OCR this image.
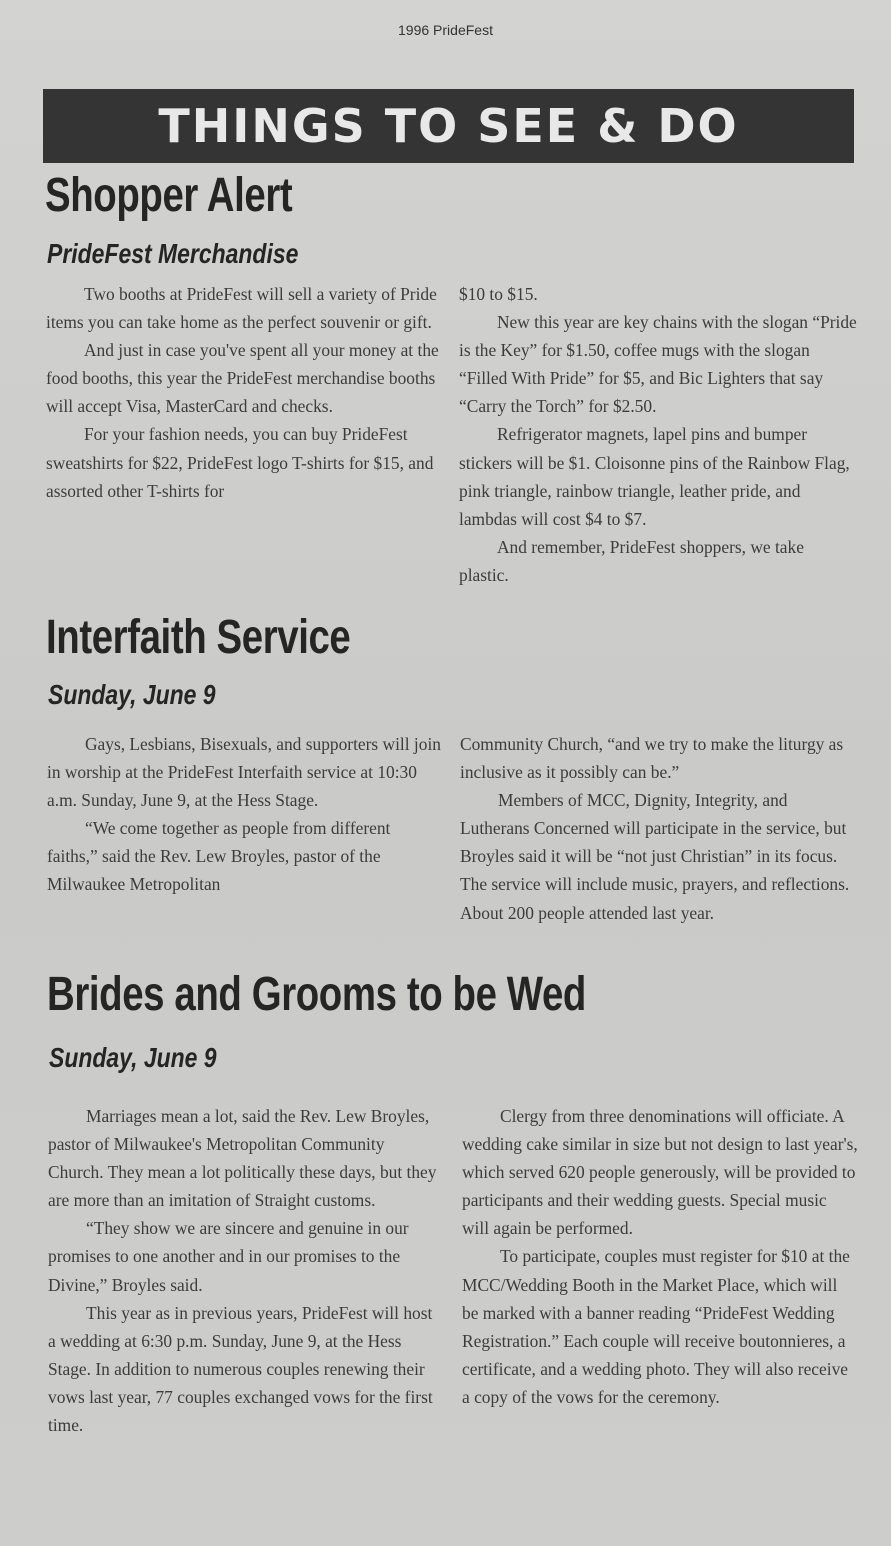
1996 PrideFest
THINGS TO SEE & DO
Shopper Alert
PrideFest Merchandise

Two booths at PrideFest will sell a variety of Pride items you can take home as the perfect souvenir or gift.

And just in case you've spent all your money at the food booths, this year the PrideFest merchandise booths will accept Visa, MasterCard and checks.

For your fashion needs, you can buy PrideFest sweatshirts for $22, PrideFest logo T-shirts for $15, and assorted other T-shirts for

$10 to $15.

New this year are key chains with the slogan “Pride is the Key” for $1.50, coffee mugs with the slogan “Filled With Pride” for $5, and Bic Lighters that say “Carry the Torch” for $2.50.

Refrigerator magnets, lapel pins and bumper stickers will be $1. Cloisonne pins of the Rainbow Flag, pink triangle, rainbow triangle, leather pride, and lambdas will cost $4 to $7.

And remember, PrideFest shoppers, we take plastic.

Interfaith Service
Sunday, June 9

Gays, Lesbians, Bisexuals, and supporters will join in worship at the PrideFest Interfaith service at 10:30 a.m. Sunday, June 9, at the Hess Stage.

“We come together as people from different faiths,” said the Rev. Lew Broyles, pastor of the Milwaukee Metropolitan

Community Church, “and we try to make the liturgy as inclusive as it possibly can be.”

Members of MCC, Dignity, Integrity, and Lutherans Concerned will participate in the service, but Broyles said it will be “not just Christian” in its focus. The service will include music, prayers, and reflections. About 200 people attended last year.

Brides and Grooms to be Wed
Sunday, June 9

Marriages mean a lot, said the Rev. Lew Broyles, pastor of Milwaukee's Metropolitan Community Church. They mean a lot politically these days, but they are more than an imitation of Straight customs.

“They show we are sincere and genuine in our promises to one another and in our promises to the Divine,” Broyles said.

This year as in previous years, PrideFest will host a wedding at 6:30 p.m. Sunday, June 9, at the Hess Stage. In addition to numerous couples renewing their vows last year, 77 couples exchanged vows for the first time.

Clergy from three denominations will officiate. A wedding cake similar in size but not design to last year's, which served 620 people generously, will be provided to participants and their wedding guests. Special music will again be performed.

To participate, couples must register for $10 at the MCC/Wedding Booth in the Market Place, which will be marked with a banner reading “PrideFest Wedding Registration.” Each couple will receive boutonnieres, a certificate, and a wedding photo. They will also receive a copy of the vows for the ceremony.
